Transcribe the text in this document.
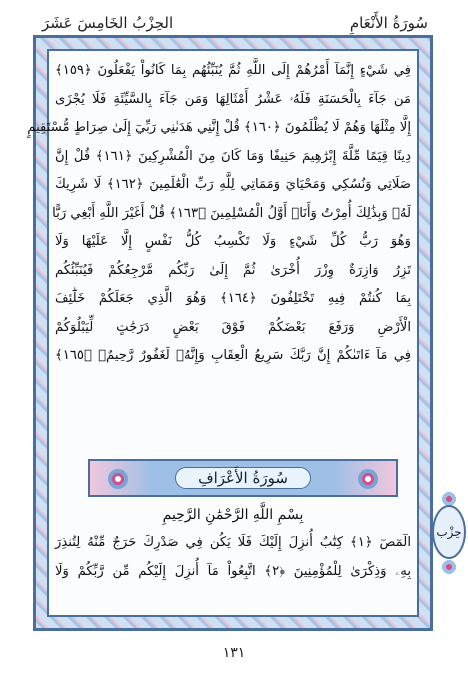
سُورَةُ الأَنْعَامِ
الحِزْبُ الخَامِسَ عَشَرَ
فِي شَيْءٍ إِنَّمَآ أَمْرُهُمْ إِلَى اللَّهِ ثُمَّ يُنَبِّئُهُم بِمَا كَانُواْ يَفْعَلُونَ ﴿١٥٩﴾
مَن جَآءَ بِالْحَسَنَةِ فَلَهُۥ عَشْرُ أَمْثَالِهَا وَمَن جَآءَ بِالسَّيِّئَةِ فَلَا يُجْزَى
إِلَّا مِثْلَهَا وَهُمْ لَا يُظْلَمُونَ ﴿١٦٠﴾ قُلْ إِنَّنِي هَدَىٰنِي رَبِّيٓ إِلَىٰ صِرَاطٍ مُّسْتَقِيمٍ
دِينًا قِيَمًا مِّلَّةَ إِبْرَٰهِيمَ حَنِيفًا وَمَا كَانَ مِنَ الْمُشْرِكِينَ ﴿١٦١﴾ قُلْ إِنَّ
صَلَاتِي وَنُسُكِي وَمَحْيَايَ وَمَمَاتِي لِلَّهِ رَبِّ الْعَٰلَمِينَ ﴿١٦٢﴾ لَا شَرِيكَ
لَهُۥ وَبِذَٰلِكَ أُمِرْتُ وَأَنَا۠ أَوَّلُ الْمُسْلِمِينَ ﴿١٦٣﴾ قُلْ أَغَيْرَ اللَّهِ أَبْغِي رَبًّا
وَهُوَ رَبُّ كُلِّ شَيْءٍ وَلَا تَكْسِبُ كُلُّ نَفْسٍ إِلَّا عَلَيْهَا وَلَا
تَزِرُ وَازِرَةٌ وِزْرَ أُخْرَىٰ ثُمَّ إِلَىٰ رَبِّكُم مَّرْجِعُكُمْ فَيُنَبِّئُكُم
بِمَا كُنتُمْ فِيهِ تَخْتَلِفُونَ ﴿١٦٤﴾ وَهُوَ الَّذِي جَعَلَكُمْ خَلَٰٓئِفَ
الْأَرْضِ وَرَفَعَ بَعْضَكُمْ فَوْقَ بَعْضٍ دَرَجَٰتٍ لِّيَبْلُوَكُمْ
فِي مَآ ءَاتَىٰكُمْ إِنَّ رَبَّكَ سَرِيعُ الْعِقَابِ وَإِنَّهُۥ لَغَفُورٌ رَّحِيمٌۢ ﴿١٦٥﴾
سُورَةُ الأَعْرَافِ
بِسْمِ اللَّهِ الرَّحْمَٰنِ الرَّحِيمِ
الٓمٓصٓ ﴿١﴾ كِتَٰبٌ أُنزِلَ إِلَيْكَ فَلَا يَكُن فِي صَدْرِكَ حَرَجٌ مِّنْهُ لِتُنذِرَ
بِهِۦ وَذِكْرَىٰ لِلْمُؤْمِنِينَ ﴿٢﴾ اتَّبِعُواْ مَآ أُنزِلَ إِلَيْكُم مِّن رَّبِّكُمْ وَلَا
حِزْب
١٣١
